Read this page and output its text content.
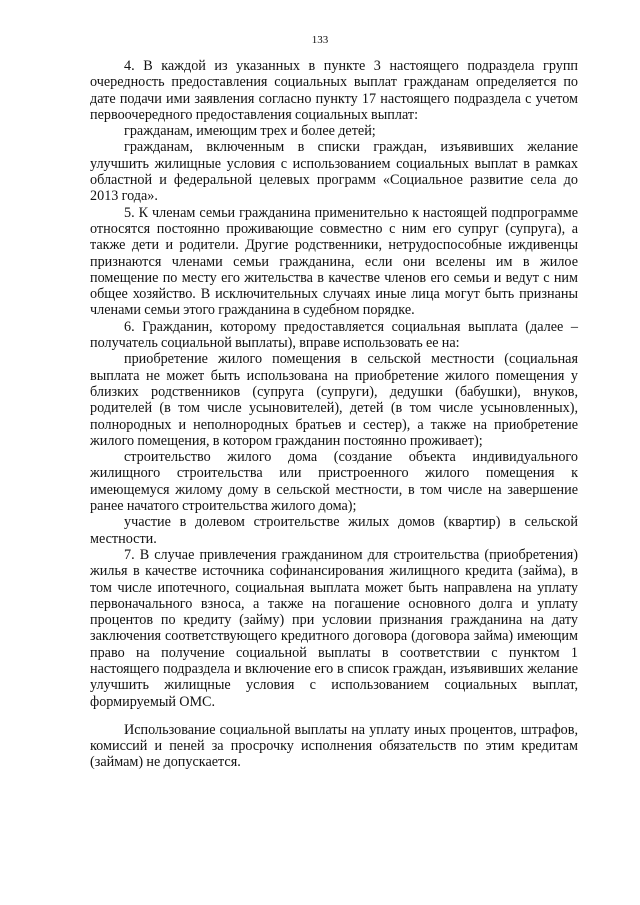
133

4. В каждой из указанных в пункте 3 настоящего подраздела групп очередность предоставления социальных выплат гражданам определяется по дате подачи ими заявления согласно пункту 17 настоящего подраздела с учетом первоочередного предоставления социальных выплат:

гражданам, имеющим трех и более детей;

гражданам, включенным в списки граждан, изъявивших желание улучшить жилищные условия с использованием социальных выплат в рамках областной и федеральной целевых программ «Социальное развитие села до 2013 года».

5. К членам семьи гражданина применительно к настоящей подпрограмме относятся постоянно проживающие совместно с ним его супруг (супруга), а также дети и родители. Другие родственники, нетрудоспособные иждивенцы признаются членами семьи гражданина, если они вселены им в жилое помещение по месту его жительства в качестве членов его семьи и ведут с ним общее хозяйство. В исключительных случаях иные лица могут быть признаны членами семьи этого гражданина в судебном порядке.

6. Гражданин, которому предоставляется социальная выплата (далее – получатель социальной выплаты), вправе использовать ее на:

приобретение жилого помещения в сельской местности (социальная выплата не может быть использована на приобретение жилого помещения у близких родственников (супруга (супруги), дедушки (бабушки), внуков, родителей (в том числе усыновителей), детей (в том числе усыновленных), полнородных и неполнородных братьев и сестер), а также на приобретение жилого помещения, в котором гражданин постоянно проживает);

строительство жилого дома (создание объекта индивидуального жилищного строительства или пристроенного жилого помещения к имеющемуся жилому дому в сельской местности, в том числе на завершение ранее начатого строительства жилого дома);

участие в долевом строительстве жилых домов (квартир) в сельской местности.

7. В случае привлечения гражданином для строительства (приобретения) жилья в качестве источника софинансирования жилищного кредита (займа), в том числе ипотечного, социальная выплата может быть направлена на уплату первоначального взноса, а также на погашение основного долга и уплату процентов по кредиту (займу) при условии признания гражданина на дату заключения соответствующего кредитного договора (договора займа) имеющим право на получение социальной выплаты в соответствии с пунктом 1 настоящего подраздела и включение его в список граждан, изъявивших желание улучшить жилищные условия с использованием социальных выплат, формируемый ОМС.

Использование социальной выплаты на уплату иных процентов, штрафов, комиссий и пеней за просрочку исполнения обязательств по этим кредитам (займам) не допускается.
